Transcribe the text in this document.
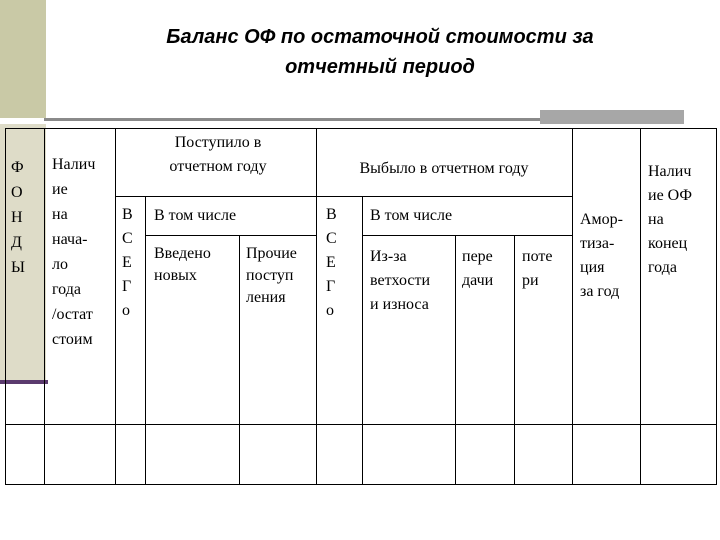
Баланс ОФ по остаточной стоимости за
отчетный период
Ф
О
Н
Д
Ы
Налич
ие
на
нача-
ло
года
/остат
стоим
Поступило в
отчетном году
В
С
Е
Г
о
В том числе
Введено
новых
Прочие
поступ
ления
Выбыло в отчетном году
В
С
Е
Г
о
В том числе
Из-за
ветхости
и износа
пере
дачи
поте
ри
Амор-
тиза-
ция
за год
Налич
ие ОФ
на
конец
года
